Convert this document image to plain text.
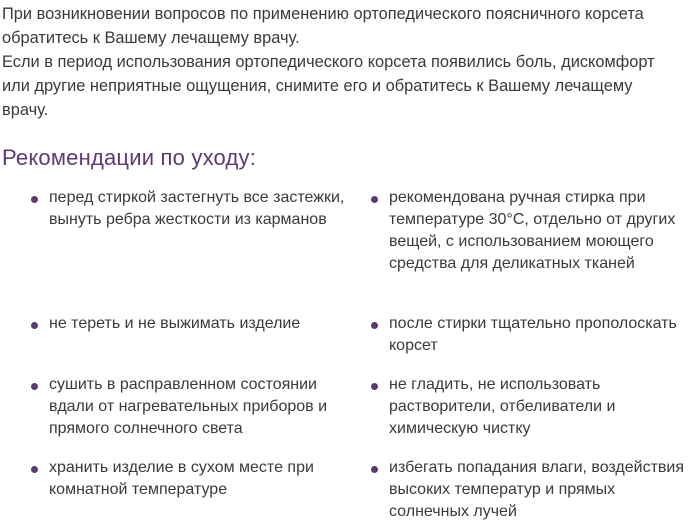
При возникновении вопросов по применению ортопедического поясничного корсета обратитесь к Вашему лечащему врачу.

Если в период использования ортопедического корсета появились боль, дискомфорт или другие неприятные ощущения, снимите его и обратитесь к Вашему лечащему врачу.

Рекомендации по уходу:
перед стиркой застегнуть все застежки, вынуть ребра жесткости из карманов
рекомендована ручная стирка при температуре 30°С, отдельно от других вещей, с использованием моющего средства для деликатных тканей
не тереть и не выжимать изделие	после стирки тщательно прополоскать корсет
сушить в расправленном состоянии вдали от нагревательных приборов и прямого солнечного света
не гладить, не использовать растворители, отбеливатели и химическую чистку
хранить изделие в сухом месте при комнатной температуре
избегать попадания влаги, воздействия высоких температур и прямых солнечных лучей
